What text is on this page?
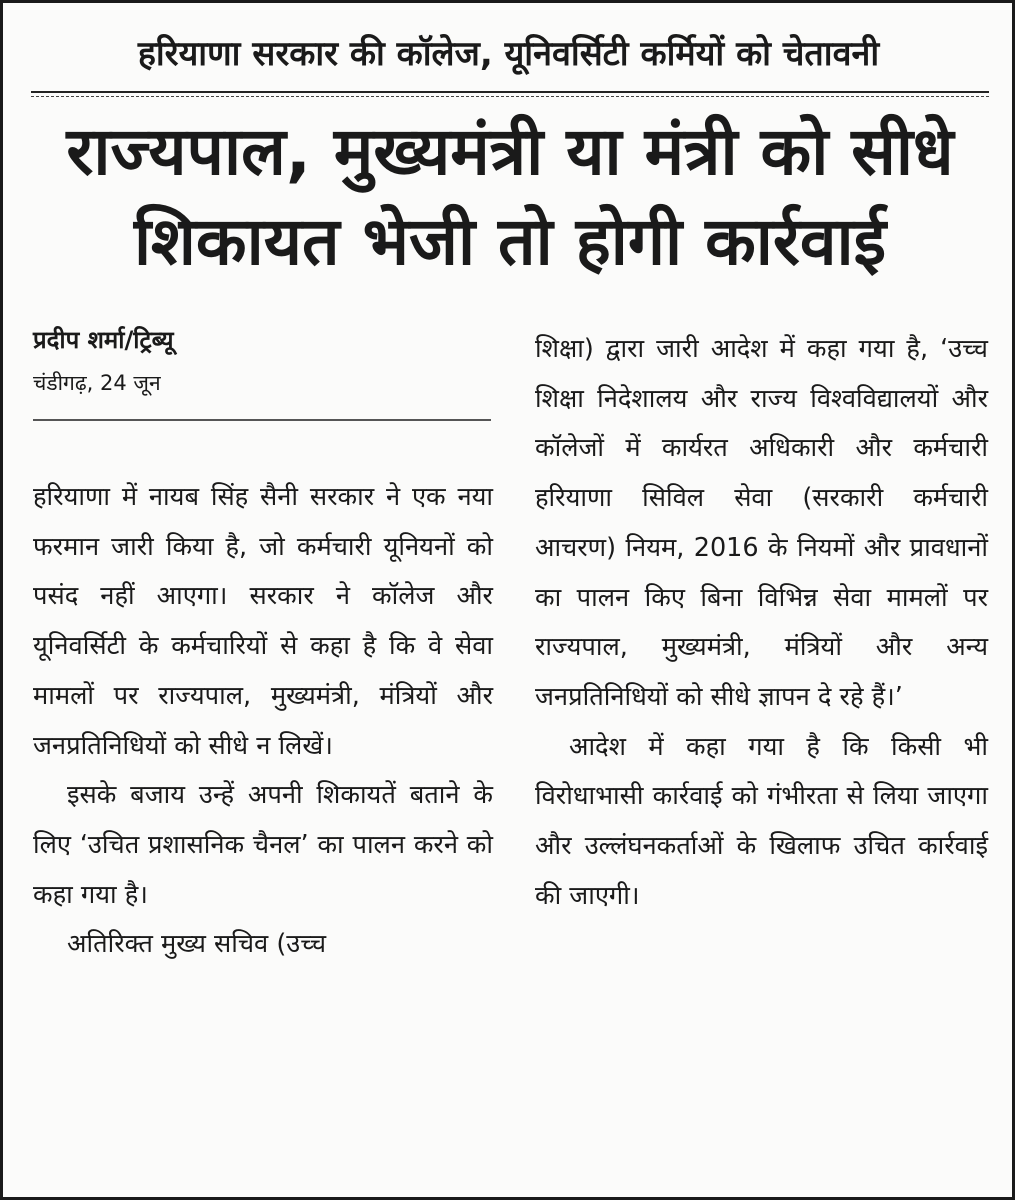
हरियाणा सरकार की कॉलेज, यूनिवर्सिटी कर्मियों को चेतावनी
राज्यपाल, मुख्यमंत्री या मंत्री को सीधे
शिकायत भेजी तो होगी कार्रवाई
प्रदीप शर्मा/ट्रिब्यू
चंडीगढ़, 24 जून

हरियाणा में नायब सिंह सैनी सरकार ने एक नया फरमान जारी किया है, जो कर्मचारी यूनियनों को पसंद नहीं आएगा। सरकार ने कॉलेज और यूनिवर्सिटी के कर्मचारियों से कहा है कि वे सेवा मामलों पर राज्यपाल, मुख्यमंत्री, मंत्रियों और जनप्रतिनिधियों को सीधे न लिखें।

इसके बजाय उन्हें अपनी शिकायतें बताने के लिए ‘उचित प्रशासनिक चैनल’ का पालन करने को कहा गया है।

अतिरिक्त मुख्य सचिव (उच्च

शिक्षा) द्वारा जारी आदेश में कहा गया है, ‘उच्च शिक्षा निदेशालय और राज्य विश्वविद्यालयों और कॉलेजों में कार्यरत अधिकारी और कर्मचारी हरियाणा सिविल सेवा (सरकारी कर्मचारी आचरण) नियम, 2016 के नियमों और प्रावधानों का पालन किए बिना विभिन्न सेवा मामलों पर राज्यपाल, मुख्यमंत्री, मंत्रियों और अन्य जनप्रतिनिधियों को सीधे ज्ञापन दे रहे हैं।’

आदेश में कहा गया है कि किसी भी विरोधाभासी कार्रवाई को गंभीरता से लिया जाएगा और उल्लंघनकर्ताओं के खिलाफ उचित कार्रवाई की जाएगी।
